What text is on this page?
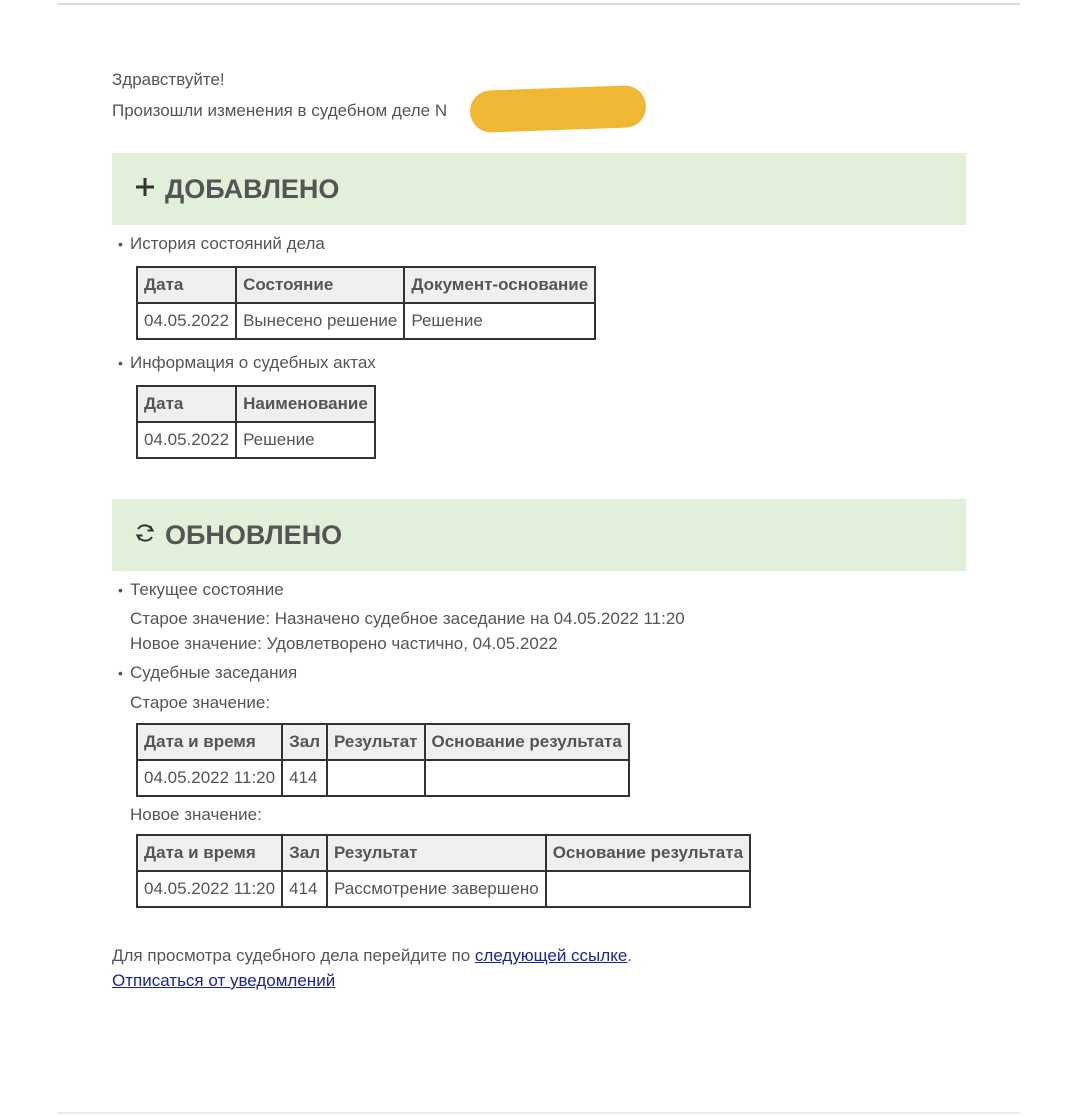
Здравствуйте!

Произошли изменения в судебном деле N

ДОБАВЛЕНО
• История состояний дела
Дата	Состояние	Документ-основание
04.05.2022	Вынесено решение	Решение
• Информация о судебных актах
Дата	Наименование
04.05.2022	Решение
ОБНОВЛЕНО
• Текущее состояние
Старое значение: Назначено судебное заседание на 04.05.2022 11:20
Новое значение: Удовлетворено частично, 04.05.2022
• Судебные заседания
Старое значение:
Дата и время	Зал	Результат	Основание результата
04.05.2022 11:20	414		
Новое значение:
Дата и время	Зал	Результат	Основание результата
04.05.2022 11:20	414	Рассмотрение завершено	
Для просмотра судебного дела перейдите по следующей ссылке.
Отписаться от уведомлений
